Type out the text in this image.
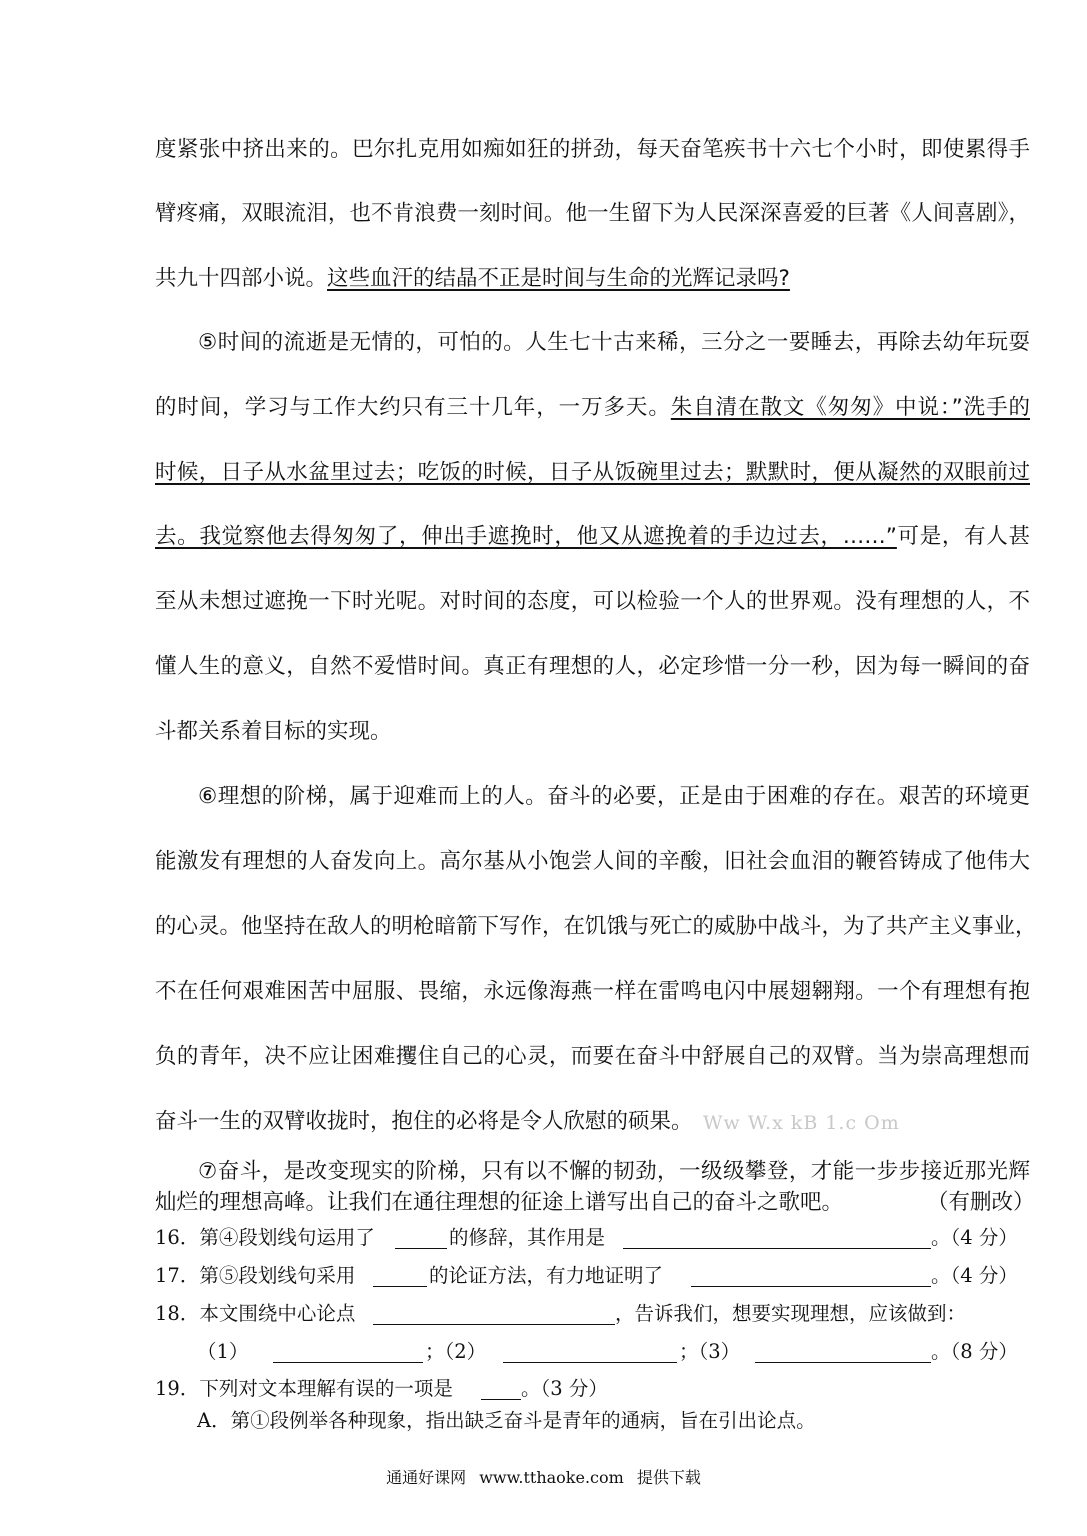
度紧张中挤出来的。巴尔扎克用如痴如狂的拼劲，每天奋笔疾书十六七个小时，即使累得手
臂疼痛，双眼流泪，也不肯浪费一刻时间。他一生留下为人民深深喜爱的巨著《人间喜剧》，
共九十四部小说。这些血汗的结晶不正是时间与生命的光辉记录吗?
⑤时间的流逝是无情的，可怕的。人生七十古来稀，三分之一要睡去，再除去幼年玩耍
的时间，学习与工作大约只有三十几年，一万多天。朱自清在散文《匆匆》中说：”洗手的
时候，日子从水盆里过去；吃饭的时候，日子从饭碗里过去；默默时，便从凝然的双眼前过
去。我觉察他去得匆匆了，伸出手遮挽时，他又从遮挽着的手边过去，……”可是，有人甚
至从未想过遮挽一下时光呢。对时间的态度，可以检验一个人的世界观。没有理想的人，不
懂人生的意义，自然不爱惜时间。真正有理想的人，必定珍惜一分一秒，因为每一瞬间的奋
斗都关系着目标的实现。
⑥理想的阶梯，属于迎难而上的人。奋斗的必要，正是由于困难的存在。艰苦的环境更
能激发有理想的人奋发向上。高尔基从小饱尝人间的辛酸，旧社会血泪的鞭笞铸成了他伟大
的心灵。他坚持在敌人的明枪暗箭下写作，在饥饿与死亡的威胁中战斗，为了共产主义事业，
不在任何艰难困苦中屈服、畏缩，永远像海燕一样在雷鸣电闪中展翅翱翔。一个有理想有抱
负的青年，决不应让困难攫住自己的心灵，而要在奋斗中舒展自己的双臂。当为崇高理想而
奋斗一生的双臂收拢时，抱住的必将是令人欣慰的硕果。
⑦奋斗，是改变现实的阶梯，只有以不懈的韧劲，一级级攀登，才能一步步接近那光辉
灿烂的理想高峰。让我们在通往理想的征途上谱写出自己的奋斗之歌吧。	（有删改）
Ww W.x kB 1.c Om
16．第④段划线句运用了	的修辞，其作用是	。（4 分）
17．第⑤段划线句采用	的论证方法，有力地证明了	。（4 分）
18．本文围绕中心论点	，告诉我们，想要实现理想，应该做到：
（1）	；（2）	；（3）	。（8 分）
19．下列对文本理解有误的一项是	。（3 分）
A．第①段例举各种现象，指出缺乏奋斗是青年的通病，旨在引出论点。
通通好课网 www.tthaoke.com 提供下载
